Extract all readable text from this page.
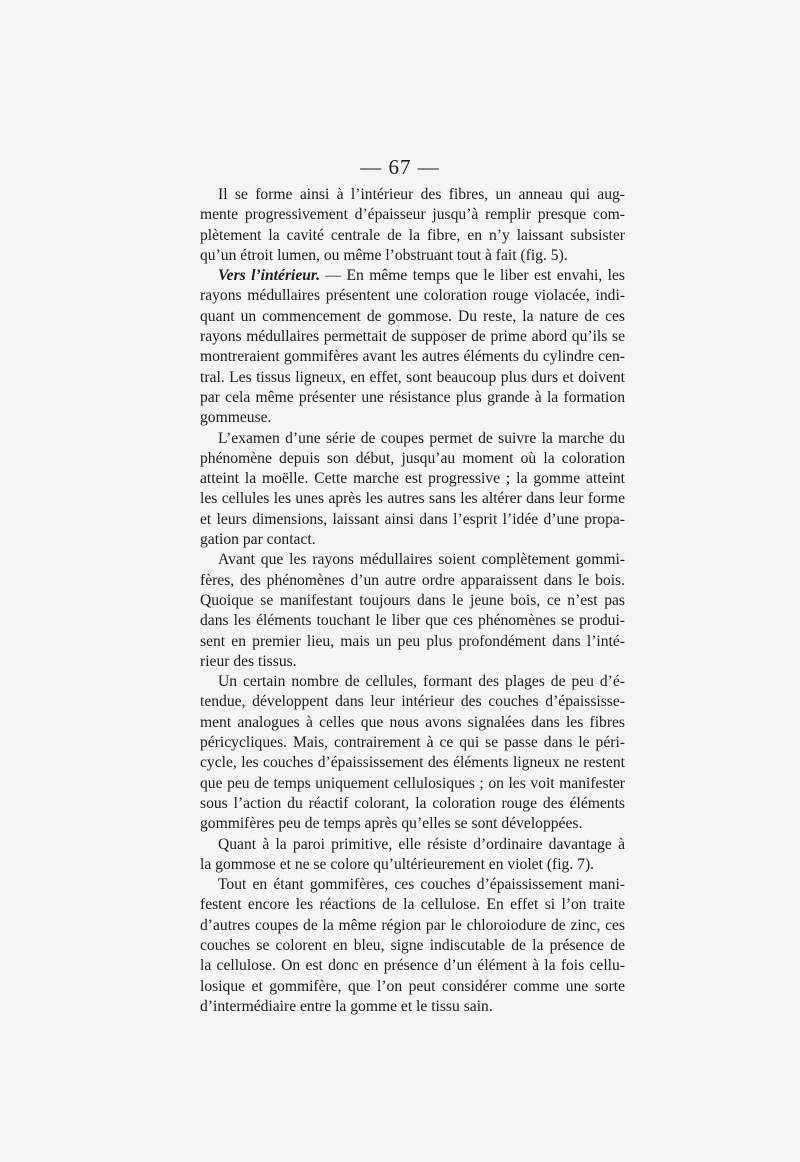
— 67 —

Il se forme ainsi à l’intérieur des fibres, un anneau qui aug-
mente progressivement d’épaisseur jusqu’à remplir presque com-
plètement la cavité centrale de la fibre, en n’y laissant subsister
qu’un étroit lumen, ou même l’obstruant tout à fait (fig. 5).

Vers l’intérieur. — En même temps que le liber est envahi, les
rayons médullaires présentent une coloration rouge violacée, indi-
quant un commencement de gommose. Du reste, la nature de ces
rayons médullaires permettait de supposer de prime abord qu’ils se
montreraient gommifères avant les autres éléments du cylindre cen-
tral. Les tissus ligneux, en effet, sont beaucoup plus durs et doivent
par cela même présenter une résistance plus grande à la formation
gommeuse.

L’examen d’une série de coupes permet de suivre la marche du
phénomène depuis son début, jusqu’au moment où la coloration
atteint la moëlle. Cette marche est progressive ; la gomme atteint
les cellules les unes après les autres sans les altérer dans leur forme
et leurs dimensions, laissant ainsi dans l’esprit l’idée d’une propa-
gation par contact.

Avant que les rayons médullaires soient complètement gommi-
fères, des phénomènes d’un autre ordre apparaissent dans le bois.
Quoique se manifestant toujours dans le jeune bois, ce n’est pas
dans les éléments touchant le liber que ces phénomènes se produi-
sent en premier lieu, mais un peu plus profondément dans l’inté-
rieur des tissus.

Un certain nombre de cellules, formant des plages de peu d’é-
tendue, développent dans leur intérieur des couches d’épaississe-
ment analogues à celles que nous avons signalées dans les fibres
péricycliques. Mais, contrairement à ce qui se passe dans le péri-
cycle, les couches d’épaississement des éléments ligneux ne restent
que peu de temps uniquement cellulosiques ; on les voit manifester
sous l’action du réactif colorant, la coloration rouge des éléments
gommifères peu de temps après qu’elles se sont développées.

Quant à la paroi primitive, elle résiste d’ordinaire davantage à
la gommose et ne se colore qu’ultérieurement en violet (fig. 7).

Tout en étant gommifères, ces couches d’épaississement mani-
festent encore les réactions de la cellulose. En effet si l’on traite
d’autres coupes de la même région par le chloroiodure de zinc, ces
couches se colorent en bleu, signe indiscutable de la présence de
la cellulose. On est donc en présence d’un élément à la fois cellu-
losique et gommifère, que l’on peut considérer comme une sorte
d’intermédiaire entre la gomme et le tissu sain.
